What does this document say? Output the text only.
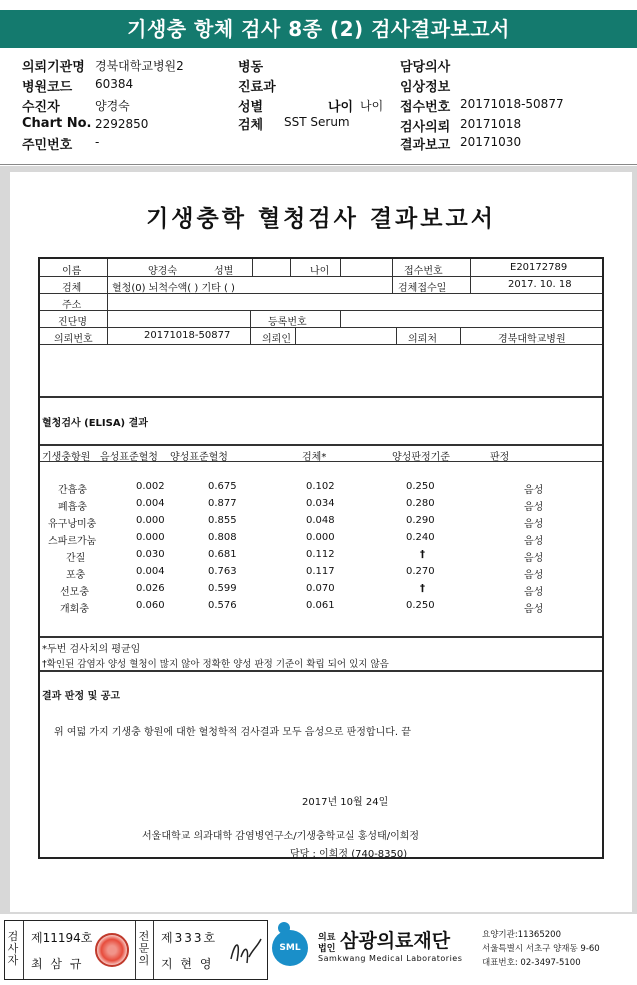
기생충 항체 검사 8종 (2) 검사결과보고서
의뢰기관명 경북대학교병원2
병원코드 60384
수진자	양경숙
Chart No. 2292850
주민번호 -
병동
진료과
성별	나이 나이
검체 SST Serum
담당의사
임상정보
접수번호 20171018-50877
검사의뢰 20171018
결과보고 20171030
기생충학 혈청검사 결과보고서
이름	양경숙	성별	나이	접수번호	E20172789
검체	혈청(0) 뇌척수액( ) 기타 ( )	검체접수일	2017. 10. 18
주소
진단명	등록번호
의뢰번호	20171018-50877	의뢰인	의뢰처	경북대학교병원
혈청검사 (ELISA) 결과
기생충항원 음성표준혈청 양성표준혈청	검체*	양성판정기준	판정
간흡충	0.002	0.675	0.102	0.250	음성
폐흡충	0.004	0.877	0.034	0.280	음성
유구낭미충	0.000	0.855	0.048	0.290	음성
스파르가눔	0.000	0.808	0.000	0.240	음성
간질	0.030	0.681	0.112	†	음성
포충	0.004	0.763	0.117	0.270	음성
선모충	0.026	0.599	0.070	†	음성
개회충	0.060	0.576	0.061	0.250	음성
*두번 검사치의 평균임
†확인된 감염자 양성 혈청이 많지 않아 정확한 양성 판정 기준이 확립 되어 있지 않음
결과 판정 및 공고
위 여덟 가지 기생충 항원에 대한 혈청학적 검사결과 모두 음성으로 판정합니다. 끝
2017년 10월 24일
서울대학교 의과대학 감염병연구소/기생충학교실 홍성태/이희정
담당 : 이희정 (740-8350)
검사자
제11194호
최 삼 규
전문의
제333호
지 현 영
SML
의료
법인 삼광의료재단
Samkwang Medical Laboratories
요양기관:11365200
서울특별시 서초구 양재동 9-60
대표번호: 02-3497-5100
